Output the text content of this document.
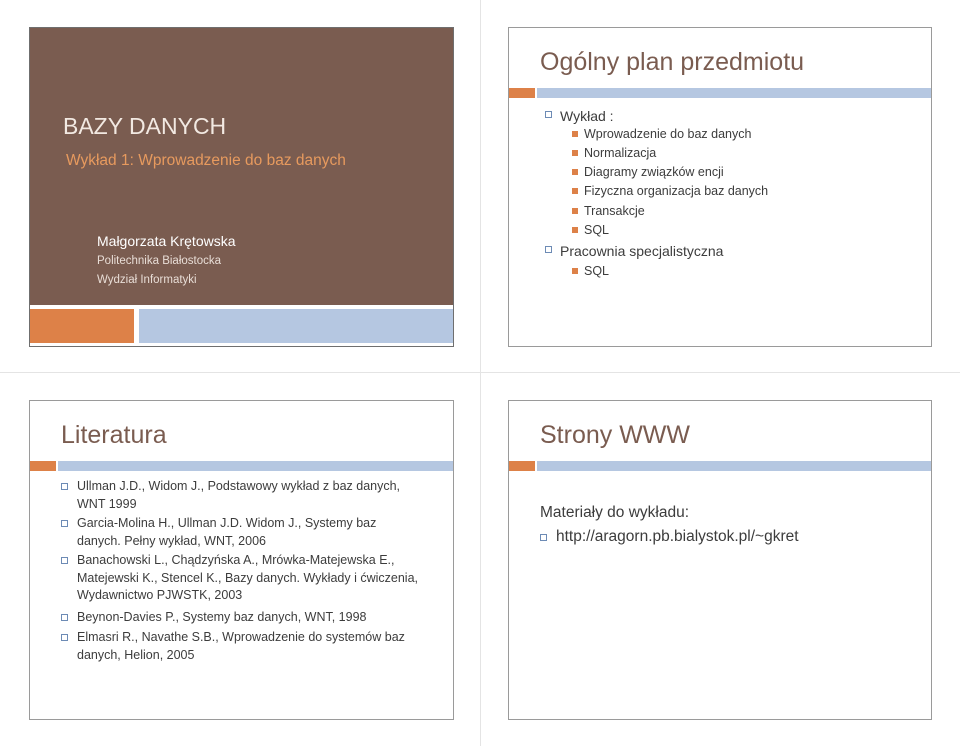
BAZY DANYCH
Wykład 1: Wprowadzenie do baz danych
Małgorzata Krętowska
Politechnika Białostocka
Wydział Informatyki
Ogólny plan przedmiotu
Wykład :
Wprowadzenie do baz danych
Normalizacja
Diagramy związków encji
Fizyczna organizacja baz danych
Transakcje
SQL
Pracownia specjalistyczna
SQL
Literatura
Ullman J.D., Widom J., Podstawowy wykład z baz danych, WNT 1999
Garcia-Molina H., Ullman J.D. Widom J., Systemy baz danych. Pełny wykład, WNT, 2006
Banachowski L., Chądzyńska A., Mrówka-Matejewska E., Matejewski K., Stencel K., Bazy danych. Wykłady i ćwiczenia, Wydawnictwo PJWSTK, 2003
Beynon-Davies P., Systemy baz danych, WNT, 1998
Elmasri R., Navathe S.B., Wprowadzenie do systemów baz danych, Helion, 2005
Strony WWW
Materiały do wykładu:
http://aragorn.pb.bialystok.pl/~gkret
